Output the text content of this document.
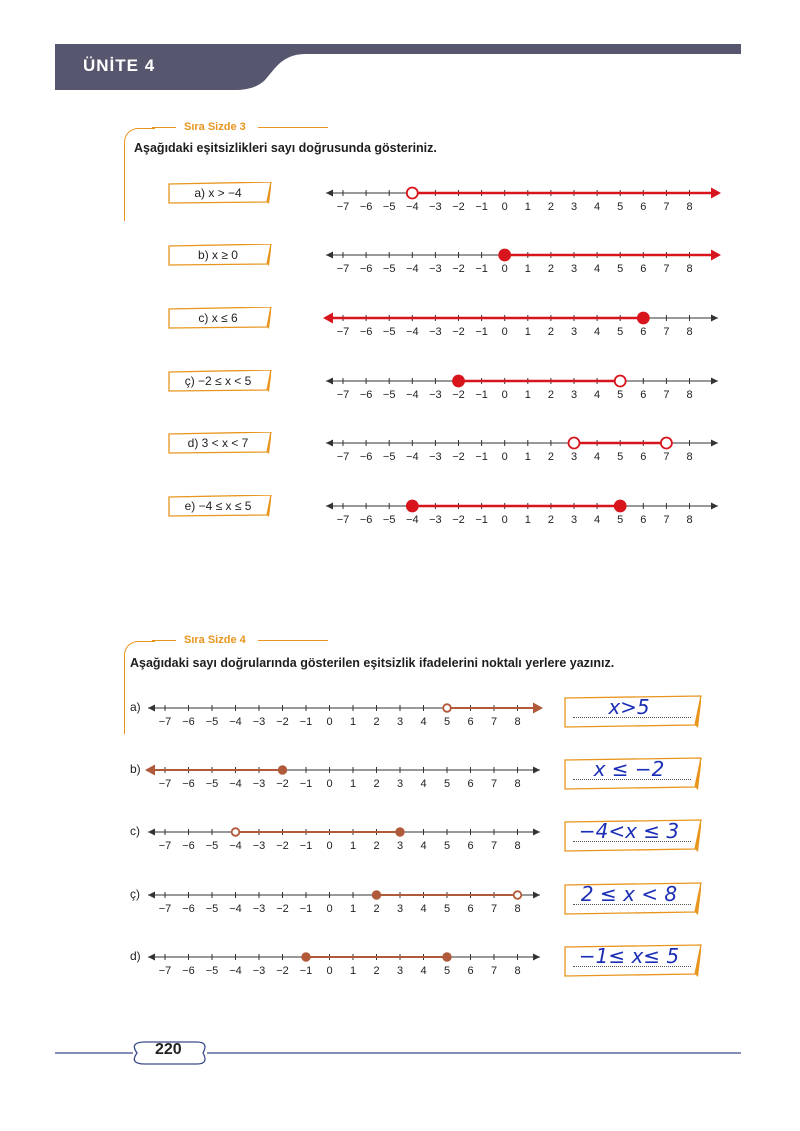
ÜNİTE 4
Sıra Sizde 3
Aşağıdaki eşitsizlikleri sayı doğrusunda gösteriniz.
a) x > −4
b) x ≥ 0
c) x ≤ 6
ç) −2 ≤ x < 5
d) 3 < x < 7
e) −4 ≤ x ≤ 5
−7 −6 −5 −4 −3 −2 −1 0 1 2 3 4 5 6 7 8
−7 −6 −5 −4 −3 −2 −1 0 1 2 3 4 5 6 7 8
−7 −6 −5 −4 −3 −2 −1 0 1 2 3 4 5 6 7 8
−7 −6 −5 −4 −3 −2 −1 0 1 2 3 4 5 6 7 8
−7 −6 −5 −4 −3 −2 −1 0 1 2 3 4 5 6 7 8
−7 −6 −5 −4 −3 −2 −1 0 1 2 3 4 5 6 7 8
Sıra Sizde 4
Aşağıdaki sayı doğrularında gösterilen eşitsizlik ifadelerini noktalı yerlere yazınız.
a)	x>5
b)	x ≤ −2
c)	−4<x ≤ 3
ç)	2 ≤ x < 8
d)	−1≤ x≤ 5
−7 −6 −5 −4 −3 −2 −1 0 1 2 3 4 5 6 7 8
−7 −6 −5 −4 −3 −2 −1 0 1 2 3 4 5 6 7 8
−7 −6 −5 −4 −3 −2 −1 0 1 2 3 4 5 6 7 8
−7 −6 −5 −4 −3 −2 −1 0 1 2 3 4 5 6 7 8
−7 −6 −5 −4 −3 −2 −1 0 1 2 3 4 5 6 7 8
220
